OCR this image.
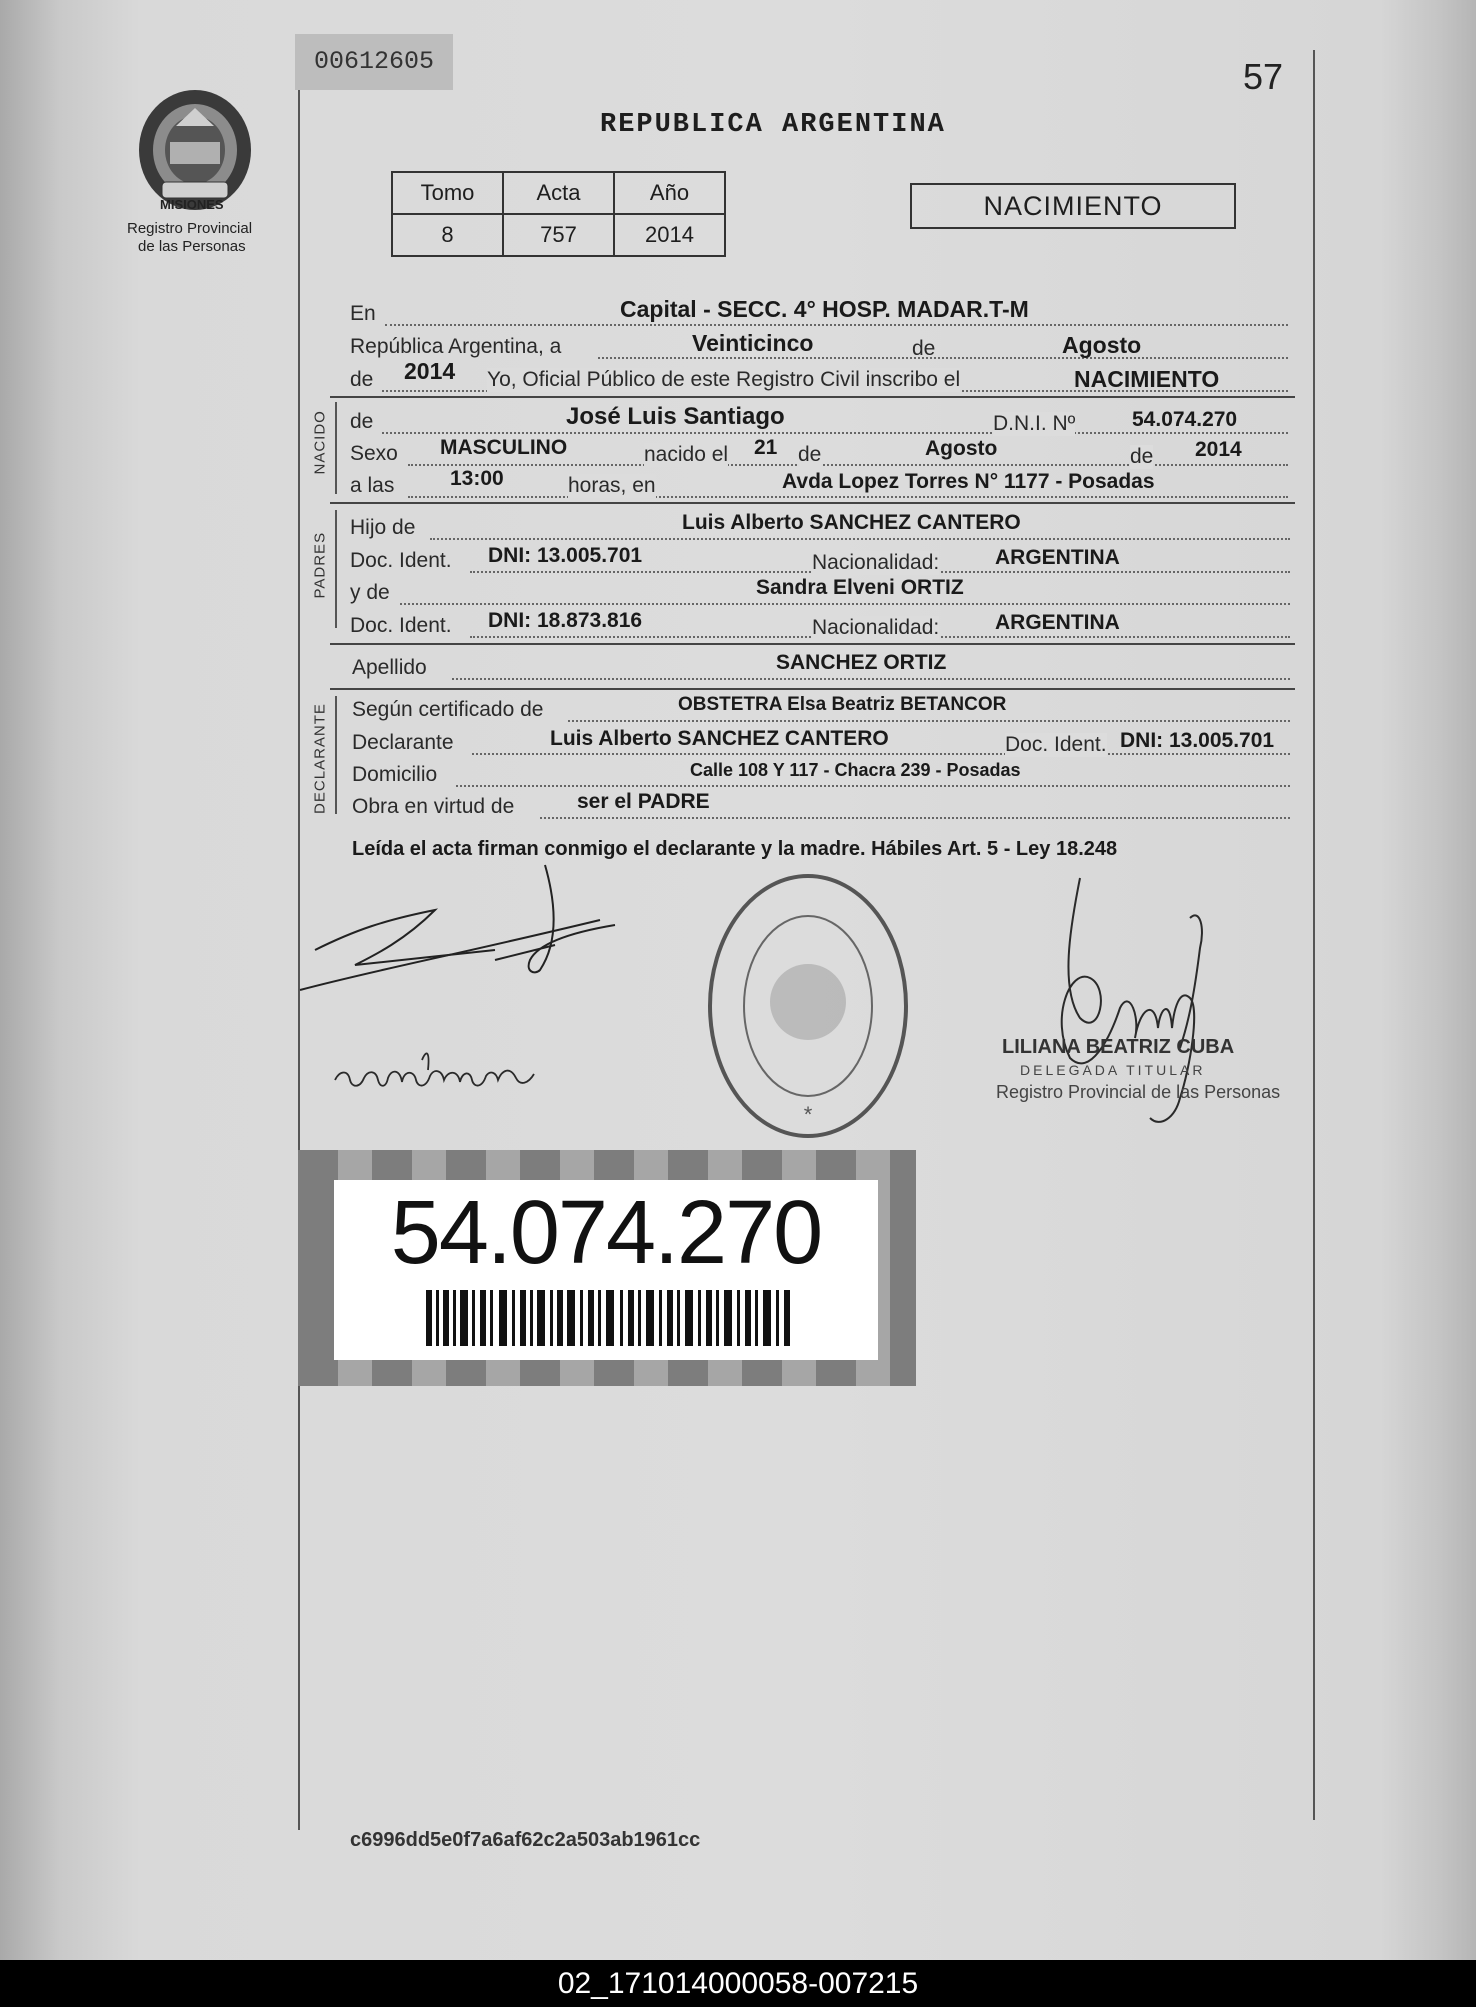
00612605	57
MISIONES
Registro Provincial
de las Personas
REPUBLICA ARGENTINA
Tomo	Acta	Año
8	757	2014
NACIMIENTO
En	Capital - SECC. 4° HOSP. MADAR.T-M
República Argentina, a	Veinticinco	de	Agosto
de 2014 Yo, Oficial Público de este Registro Civil inscribo el	NACIMIENTO
NACIDO de	José Luis Santiago	D.N.I. Nº	54.074.270
Sexo MASCULINO	nacido el 21 de	Agosto	de 2014
a las	13:00	horas, en	Avda Lopez Torres N° 1177 - Posadas
PADRES
Hijo de	Luis Alberto SANCHEZ CANTERO
Doc. Ident. DNI: 13.005.701	Nacionalidad:	ARGENTINA
y de	Sandra Elveni ORTIZ
Doc. Ident. DNI: 18.873.816	Nacionalidad:	ARGENTINA
Apellido	SANCHEZ ORTIZ
DECLARANTE Según certificado de	OBSTETRA Elsa Beatriz BETANCOR
Declarante	Luis Alberto SANCHEZ CANTERO	Doc. Ident. DNI: 13.005.701
Domicilio	Calle 108 Y 117 - Chacra 239 - Posadas
Obra en virtud de	ser el PADRE
Leída el acta firman conmigo el declarante y la madre. Hábiles Art. 5 - Ley 18.248
*
LILIANA BEATRIZ CUBA
DELEGADA TITULAR
Registro Provincial de las Personas
54.074.270
c6996dd5e0f7a6af62c2a503ab1961cc
02_171014000058-007215
